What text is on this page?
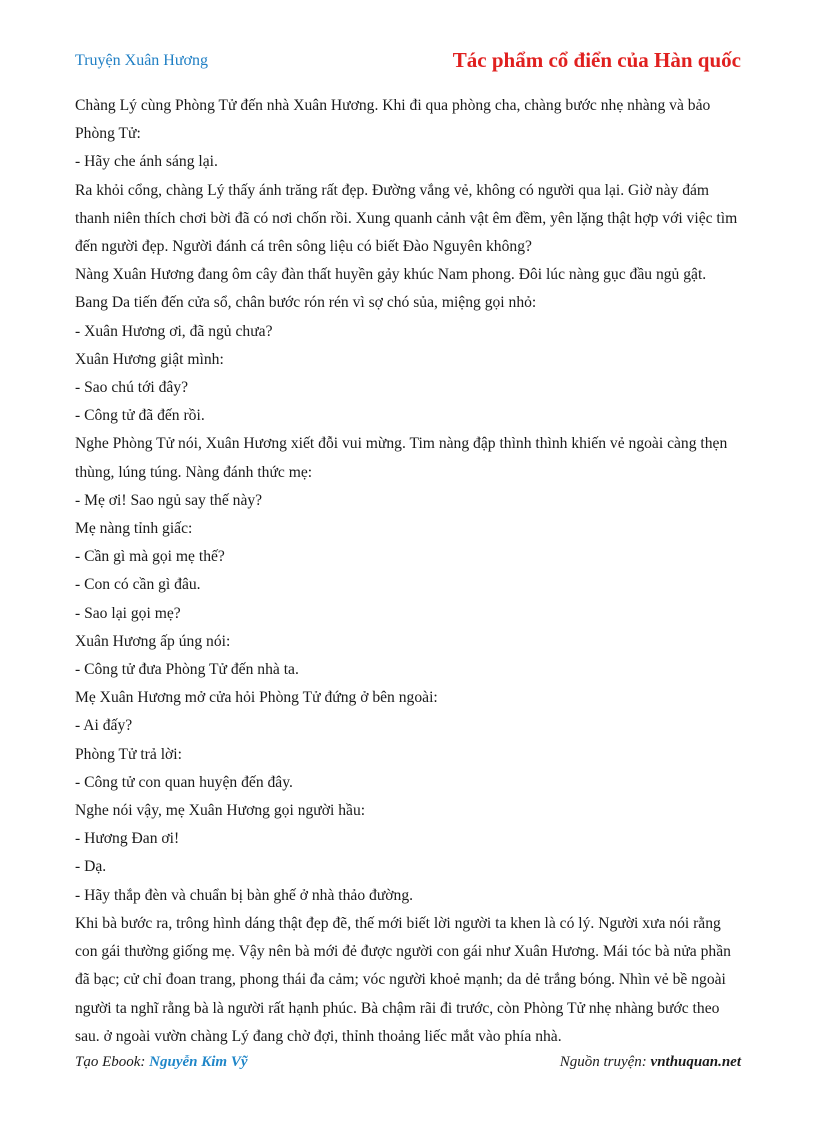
Truyện Xuân Hương	Tác phẩm cổ điển của Hàn quốc

Chàng Lý cùng Phòng Tử đến nhà Xuân Hương. Khi đi qua phòng cha, chàng bước nhẹ nhàng và bảo Phòng Tử:

- Hãy che ánh sáng lại.

Ra khỏi cổng, chàng Lý thấy ánh trăng rất đẹp. Đường vắng vẻ, không có người qua lại. Giờ này đám thanh niên thích chơi bời đã có nơi chốn rồi. Xung quanh cảnh vật êm đềm, yên lặng thật hợp với việc tìm đến người đẹp. Người đánh cá trên sông liệu có biết Đào Nguyên không?

Nàng Xuân Hương đang ôm cây đàn thất huyền gảy khúc Nam phong. Đôi lúc nàng gục đầu ngủ gật.

Bang Da tiến đến cửa sổ, chân bước rón rén vì sợ chó sủa, miệng gọi nhỏ:

- Xuân Hương ơi, đã ngủ chưa?

Xuân Hương giật mình:

- Sao chú tới đây?

- Công tử đã đến rồi.

Nghe Phòng Tử nói, Xuân Hương xiết đỗi vui mừng. Tim nàng đập thình thình khiến vẻ ngoài càng thẹn thùng, lúng túng. Nàng đánh thức mẹ:

- Mẹ ơi! Sao ngủ say thế này?

Mẹ nàng tỉnh giấc:

- Cần gì mà gọi mẹ thế?

- Con có cần gì đâu.

- Sao lại gọi mẹ?

Xuân Hương ấp úng nói:

- Công tử đưa Phòng Tử đến nhà ta.

Mẹ Xuân Hương mở cửa hỏi Phòng Tử đứng ở bên ngoài:

- Ai đấy?

Phòng Tử trả lời:

- Công tử con quan huyện đến đây.

Nghe nói vậy, mẹ Xuân Hương gọi người hầu:

- Hương Đan ơi!

- Dạ.

- Hãy thắp đèn và chuẩn bị bàn ghế ở nhà thảo đường.

Khi bà bước ra, trông hình dáng thật đẹp đẽ, thế mới biết lời người ta khen là có lý. Người xưa nói rằng con gái thường giống mẹ. Vậy nên bà mới đẻ được người con gái như Xuân Hương. Mái tóc bà nửa phần đã bạc; cử chỉ đoan trang, phong thái đa cảm; vóc người khoẻ mạnh; da dẻ trắng bóng. Nhìn vẻ bề ngoài người ta nghĩ rằng bà là người rất hạnh phúc. Bà chậm rãi đi trước, còn Phòng Tử nhẹ nhàng bước theo sau. ở ngoài vườn chàng Lý đang chờ đợi, thỉnh thoảng liếc mắt vào phía nhà.

Tạo Ebook: Nguyễn Kim Vỹ	Nguồn truyện: vnthuquan.net
